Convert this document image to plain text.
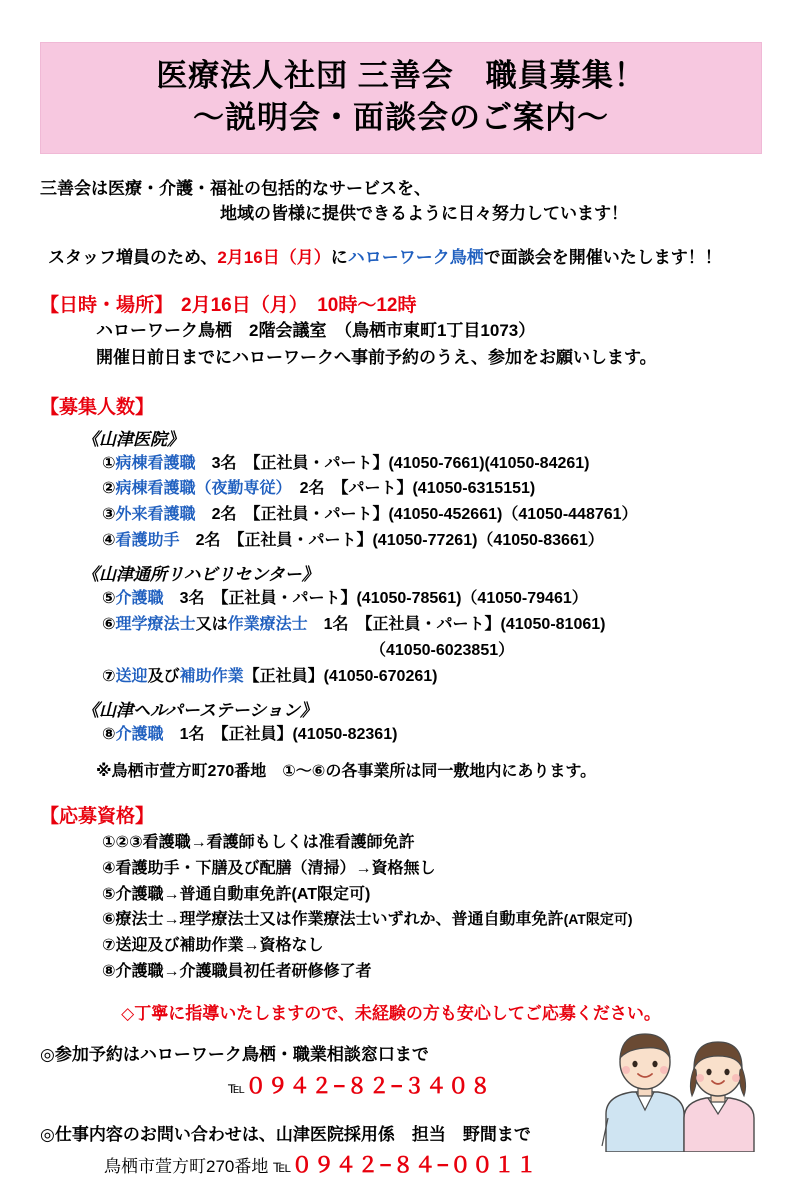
医療法人社団 三善会　職員募集！
〜説明会・面談会のご案内〜
三善会は医療・介護・福祉の包括的なサービスを、
地域の皆様に提供できるように日々努力しています！
スタッフ増員のため、2月16日（月）にハローワーク鳥栖で面談会を開催いたします！！
【日時・場所】 2月16日（月）　10時〜12時
ハローワーク鳥栖　2階会議室　（鳥栖市東町1丁目1073）
開催日前日までにハローワークへ事前予約のうえ、参加をお願いします。
【募集人数】
《山津医院》
①病棟看護職　3名　【正社員・パート】(41050-7661)(41050-84261)
②病棟看護職（夜勤専従）　2名　【パート】(41050-6315151)
③外来看護職　2名　【正社員・パート】(41050-452661)（41050-448761）
④看護助手　2名　【正社員・パート】(41050-77261)（41050-83661）
《山津通所リハビリセンター》
⑤介護職　3名　【正社員・パート】(41050-78561)（41050-79461）
⑥理学療法士又は作業療法士　1名　【正社員・パート】(41050-81061)
（41050-6023851）
⑦送迎及び補助作業【正社員】(41050-670261)
《山津ヘルパーステーション》
⑧介護職　1名　【正社員】(41050-82361)
※鳥栖市萱方町270番地　①〜⑥の各事業所は同一敷地内にあります。
【応募資格】
①②③看護職→看護師もしくは准看護師免許
④看護助手・下膳及び配膳（清掃）→資格無し
⑤介護職→普通自動車免許(AT限定可)
⑥療法士→理学療法士又は作業療法士いずれか、普通自動車免許(AT限定可)
⑦送迎及び補助作業→資格なし
⑧介護職→介護職員初任者研修修了者
◇丁寧に指導いたしますので、未経験の方も安心してご応募ください。
◎参加予約はハローワーク鳥栖・職業相談窓口まで
℡０９４２−８２−３４０８
◎仕事内容のお問い合わせは、山津医院採用係　担当　野間まで
鳥栖市萱方町270番地 ℡０９４２−８４−００１１
